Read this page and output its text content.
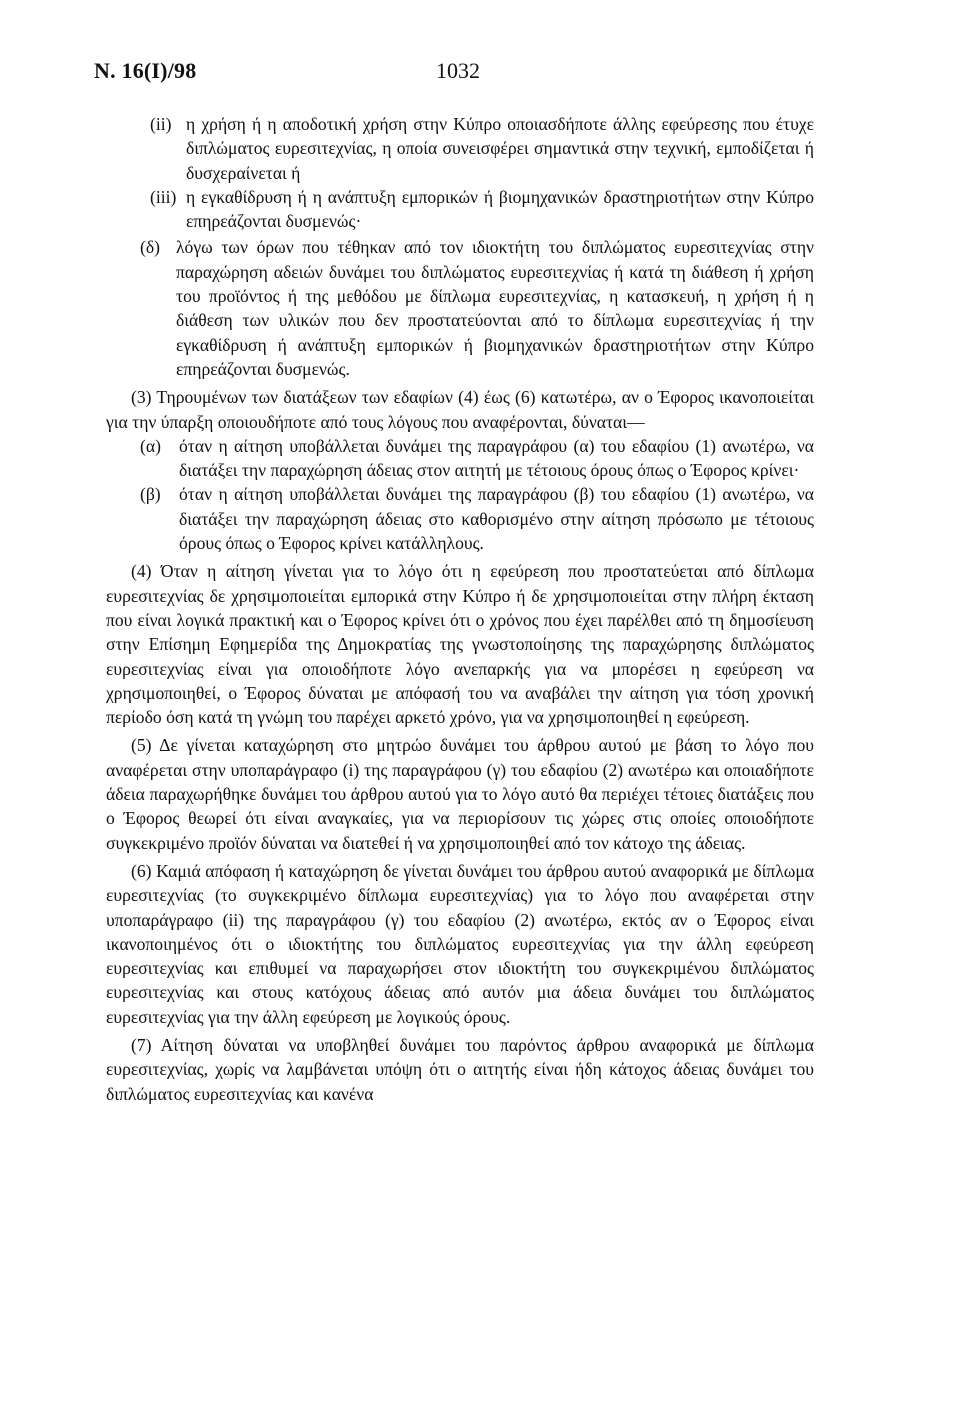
Ν. 16(Ι)/98	1032
(ii) η χρήση ή η αποδοτική χρήση στην Κύπρο οποιασδήποτε άλλης εφεύρεσης που έτυχε διπλώματος ευρεσιτεχνίας, η οποία συνεισφέρει σημαντικά στην τεχνική, εμποδίζεται ή δυσχεραίνεται ή
(iii) η εγκαθίδρυση ή η ανάπτυξη εμπορικών ή βιομηχανικών δραστηριοτήτων στην Κύπρο επηρεάζονται δυσμενώς·
(δ) λόγω των όρων που τέθηκαν από τον ιδιοκτήτη του διπλώματος ευρεσιτεχνίας στην παραχώρηση αδειών δυνάμει του διπλώματος ευρεσιτεχνίας ή κατά τη διάθεση ή χρήση του προϊόντος ή της μεθόδου με δίπλωμα ευρεσιτεχνίας, η κατασκευή, η χρήση ή η διάθεση των υλικών που δεν προστατεύονται από το δίπλωμα ευρεσιτεχνίας ή την εγκαθίδρυση ή ανάπτυξη εμπορικών ή βιομηχανικών δραστηριοτήτων στην Κύπρο επηρεάζονται δυσμενώς.

(3) Τηρουμένων των διατάξεων των εδαφίων (4) έως (6) κατωτέρω, αν ο Έφορος ικανοποιείται για την ύπαρξη οποιουδήποτε από τους λόγους που αναφέρονται, δύναται—

(α)	όταν η αίτηση υποβάλλεται δυνάμει της παραγράφου (α) του εδαφίου (1) ανωτέρω, να διατάξει την παραχώρηση άδειας στον αιτητή με τέτοιους όρους όπως ο Έφορος κρίνει·
(β)	όταν η αίτηση υποβάλλεται δυνάμει της παραγράφου (β) του εδαφίου (1) ανωτέρω, να διατάξει την παραχώρηση άδειας στο καθορισμένο στην αίτηση πρόσωπο με τέτοιους όρους όπως ο Έφορος κρίνει κατάλληλους.

(4) Όταν η αίτηση γίνεται για το λόγο ότι η εφεύρεση που προστατεύεται από δίπλωμα ευρεσιτεχνίας δε χρησιμοποιείται εμπορικά στην Κύπρο ή δε χρησιμοποιείται στην πλήρη έκταση που είναι λογικά πρακτική και ο Έφορος κρίνει ότι ο χρόνος που έχει παρέλθει από τη δημοσίευση στην Επίσημη Εφημερίδα της Δημοκρατίας της γνωστοποίησης της παραχώρησης διπλώματος ευρεσιτεχνίας είναι για οποιοδήποτε λόγο ανεπαρκής για να μπορέσει η εφεύρεση να χρησιμοποιηθεί, ο Έφορος δύναται με απόφασή του να αναβάλει την αίτηση για τόση χρονική περίοδο όση κατά τη γνώμη του παρέχει αρκετό χρόνο, για να χρησιμοποιηθεί η εφεύρεση.

(5) Δε γίνεται καταχώρηση στο μητρώο δυνάμει του άρθρου αυτού με βάση το λόγο που αναφέρεται στην υποπαράγραφο (i) της παραγράφου (γ) του εδαφίου (2) ανωτέρω και οποιαδήποτε άδεια παραχωρήθηκε δυνάμει του άρθρου αυτού για το λόγο αυτό θα περιέχει τέτοιες διατάξεις που ο Έφορος θεωρεί ότι είναι αναγκαίες, για να περιορίσουν τις χώρες στις οποίες οποιοδήποτε συγκεκριμένο προϊόν δύναται να διατεθεί ή να χρησιμοποιηθεί από τον κάτοχο της άδειας.

(6) Καμιά απόφαση ή καταχώρηση δε γίνεται δυνάμει του άρθρου αυτού αναφορικά με δίπλωμα ευρεσιτεχνίας (το συγκεκριμένο δίπλωμα ευρεσιτεχνίας) για το λόγο που αναφέρεται στην υποπαράγραφο (ii) της παραγράφου (γ) του εδαφίου (2) ανωτέρω, εκτός αν ο Έφορος είναι ικανοποιημένος ότι ο ιδιοκτήτης του διπλώματος ευρεσιτεχνίας για την άλλη εφεύρεση ευρεσιτεχνίας και επιθυμεί να παραχωρήσει στον ιδιοκτήτη του συγκεκριμένου διπλώματος ευρεσιτεχνίας και στους κατόχους άδειας από αυτόν μια άδεια δυνάμει του διπλώματος ευρεσιτεχνίας για την άλλη εφεύρεση με λογικούς όρους.

(7) Αίτηση δύναται να υποβληθεί δυνάμει του παρόντος άρθρου αναφορικά με δίπλωμα ευρεσιτεχνίας, χωρίς να λαμβάνεται υπόψη ότι ο αιτητής είναι ήδη κάτοχος άδειας δυνάμει του διπλώματος ευρεσιτεχνίας και κανένα
